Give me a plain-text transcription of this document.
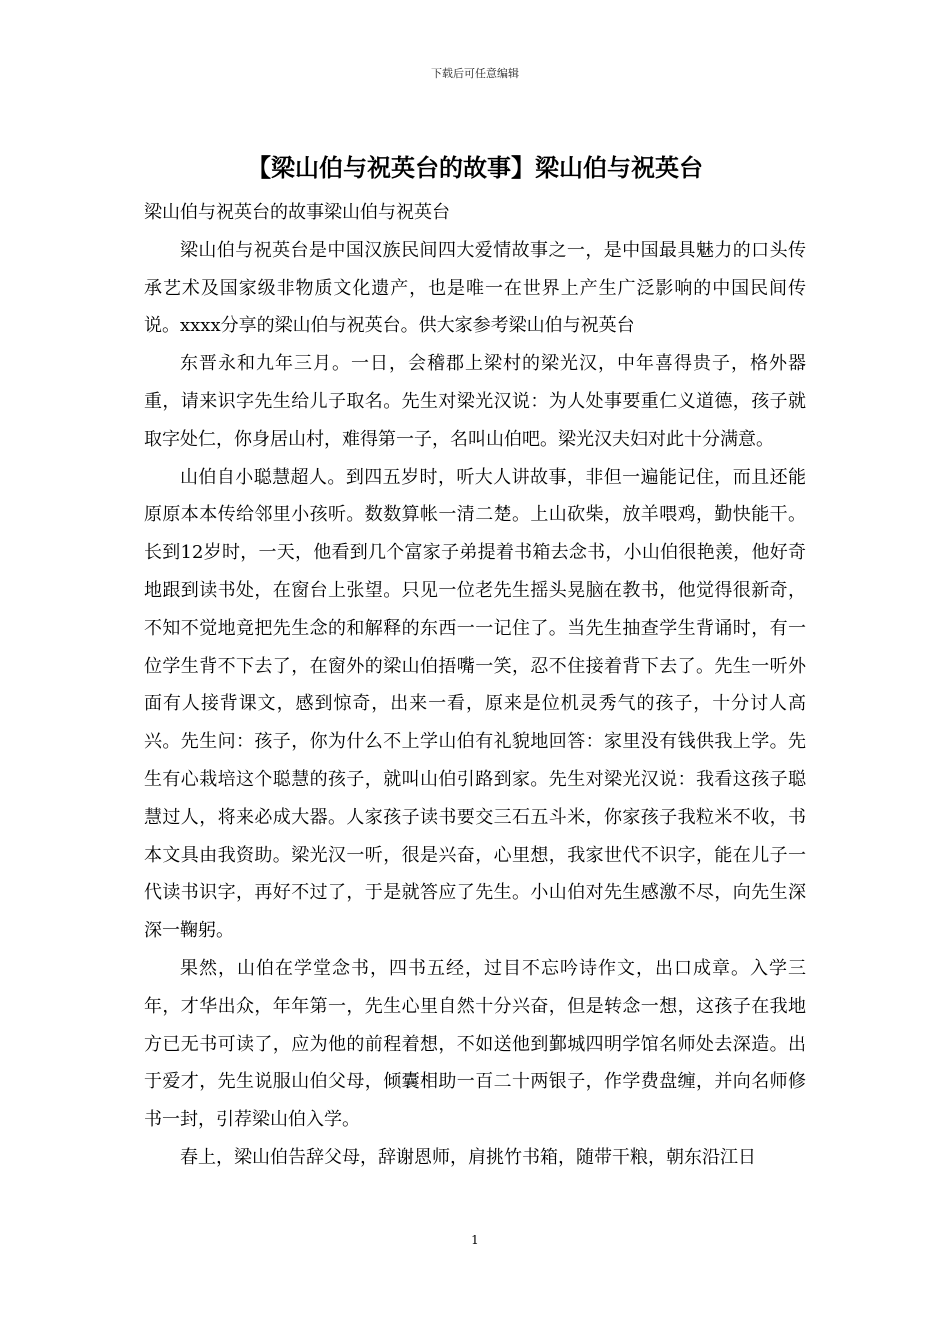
下载后可任意编辑
【梁山伯与祝英台的故事】梁山伯与祝英台

梁山伯与祝英台的故事梁山伯与祝英台

梁山伯与祝英台是中国汉族民间四大爱情故事之一，是中国最具魅力的口头传承艺术及国家级非物质文化遗产，也是唯一在世界上产生广泛影响的中国民间传说。xxxx分享的梁山伯与祝英台。供大家参考梁山伯与祝英台

东晋永和九年三月。一日，会稽郡上梁村的梁光汉，中年喜得贵子，格外器重，请来识字先生给儿子取名。先生对梁光汉说：为人处事要重仁义道德，孩子就取字处仁，你身居山村，难得第一子，名叫山伯吧。梁光汉夫妇对此十分满意。

山伯自小聪慧超人。到四五岁时，听大人讲故事，非但一遍能记住，而且还能原原本本传给邻里小孩听。数数算帐一清二楚。上山砍柴，放羊喂鸡，勤快能干。长到12岁时，一天，他看到几个富家子弟提着书箱去念书，小山伯很艳羡，他好奇地跟到读书处，在窗台上张望。只见一位老先生摇头晃脑在教书，他觉得很新奇，不知不觉地竟把先生念的和解释的东西一一记住了。当先生抽查学生背诵时，有一位学生背不下去了，在窗外的梁山伯捂嘴一笑，忍不住接着背下去了。先生一听外面有人接背课文，感到惊奇，出来一看，原来是位机灵秀气的孩子，十分讨人高兴。先生问：孩子，你为什么不上学山伯有礼貌地回答：家里没有钱供我上学。先生有心栽培这个聪慧的孩子，就叫山伯引路到家。先生对梁光汉说：我看这孩子聪慧过人，将来必成大器。人家孩子读书要交三石五斗米，你家孩子我粒米不收，书本文具由我资助。梁光汉一听，很是兴奋，心里想，我家世代不识字，能在儿子一代读书识字，再好不过了，于是就答应了先生。小山伯对先生感激不尽，向先生深深一鞠躬。

果然，山伯在学堂念书，四书五经，过目不忘吟诗作文，出口成章。入学三年，才华出众，年年第一，先生心里自然十分兴奋，但是转念一想，这孩子在我地方已无书可读了，应为他的前程着想，不如送他到鄞城四明学馆名师处去深造。出于爱才，先生说服山伯父母，倾囊相助一百二十两银子，作学费盘缠，并向名师修书一封，引荐梁山伯入学。

春上，梁山伯告辞父母，辞谢恩师，肩挑竹书箱，随带干粮，朝东沿江日

1
